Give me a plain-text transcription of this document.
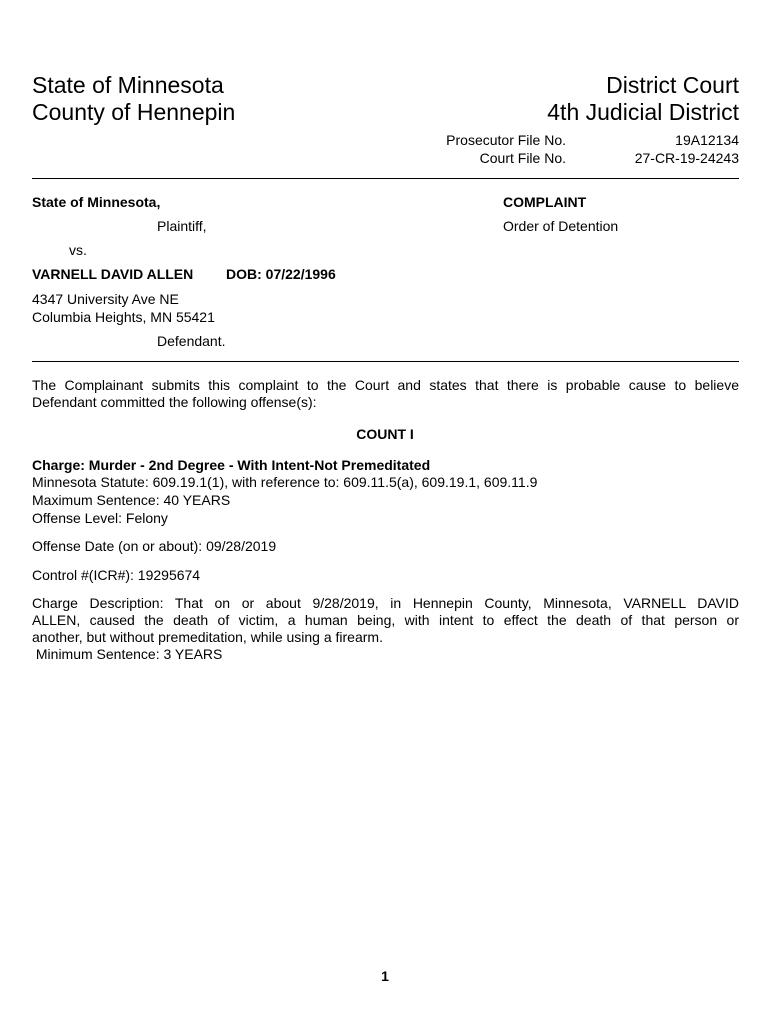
State of Minnesota
County of Hennepin
District Court
4th Judicial District
Prosecutor File No.	19A12134
Court File No.	27-CR-19-24243
State of Minnesota,
Plaintiff,
vs.
VARNELL DAVID ALLEN DOB: 07/22/1996
4347 University Ave NE
Columbia Heights, MN 55421
Defendant.
COMPLAINT
Order of Detention
The Complainant submits this complaint to the Court and states that there is probable cause to believe
Defendant committed the following offense(s):
COUNT I
Charge: Murder - 2nd Degree - With Intent-Not Premeditated
Minnesota Statute: 609.19.1(1), with reference to: 609.11.5(a), 609.19.1, 609.11.9
Maximum Sentence: 40 YEARS
Offense Level: Felony
Offense Date (on or about): 09/28/2019
Control #(ICR#): 19295674
Charge Description: That on or about 9/28/2019, in Hennepin County, Minnesota, VARNELL DAVID
ALLEN, caused the death of victim, a human being, with intent to effect the death of that person or
another, but without premeditation, while using a firearm.
Minimum Sentence: 3 YEARS
1
